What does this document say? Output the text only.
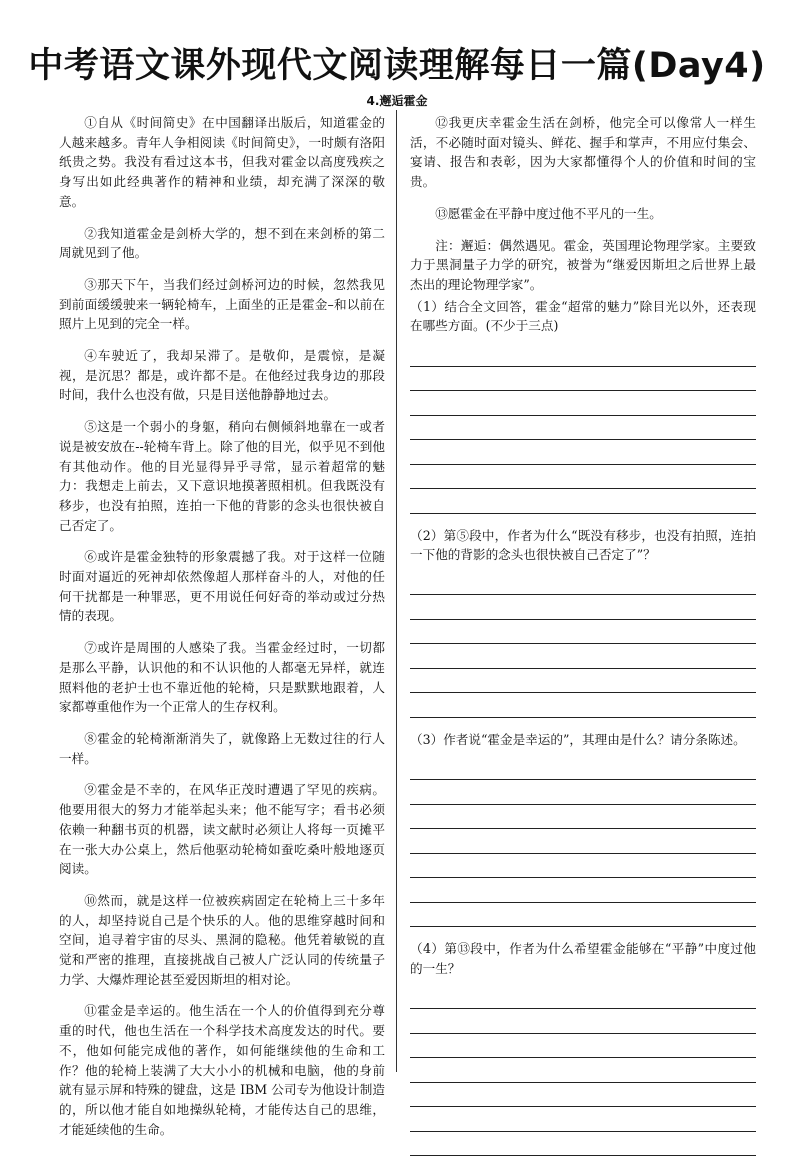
中考语文课外现代文阅读理解每日一篇(Day4)
4.邂逅霍金

①自从《时间简史》在中国翻译出版后，知道霍金的人越来越多。青年人争相阅读《时间简史》，一时颇有洛阳纸贵之势。我没有看过这本书，但我对霍金以高度残疾之身写出如此经典著作的精神和业绩，却充满了深深的敬意。

②我知道霍金是剑桥大学的，想不到在来剑桥的第二周就见到了他。

③那天下午，当我们经过剑桥河边的时候，忽然我见到前面缓缓驶来一辆轮椅车，上面坐的正是霍金–和以前在照片上见到的完全一样。

④车驶近了，我却呆滞了。是敬仰，是震惊，是凝视，是沉思？都是，或许都不是。在他经过我身边的那段时间，我什么也没有做，只是目送他静静地过去。

⑤这是一个弱小的身躯，稍向右侧倾斜地靠在一或者说是被安放在--轮椅车背上。除了他的目光，似乎见不到他有其他动作。他的目光显得异乎寻常，显示着超常的魅力：我想走上前去，又下意识地摸著照相机。但我既没有移步，也没有拍照，连拍一下他的背影的念头也很快被自己否定了。

⑥或许是霍金独特的形象震撼了我。对于这样一位随时面对逼近的死神却依然像超人那样奋斗的人，对他的任何干扰都是一种罪恶，更不用说任何好奇的举动或过分热情的表现。

⑦或许是周围的人感染了我。当霍金经过时，一切都是那么平静，认识他的和不认识他的人都毫无异样，就连照料他的老护士也不靠近他的轮椅，只是默默地跟着，人家都尊重他作为一个正常人的生存权利。

⑧霍金的轮椅渐渐消失了，就像路上无数过往的行人一样。

⑨霍金是不幸的，在风华正茂时遭遇了罕见的疾病。他要用很大的努力才能举起头来；他不能写字；看书必须依赖一种翻书页的机器，读文献时必须让人将每一页摊平在一张大办公桌上，然后他驱动轮椅如蚕吃桑叶般地逐页阅读。

⑩然而，就是这样一位被疾病固定在轮椅上三十多年的人，却坚持说自己是个快乐的人。他的思维穿越时间和空间，追寻着宇宙的尽头、黑洞的隐秘。他凭着敏锐的直觉和严密的推理，直接挑战自己被人广泛认同的传统量子力学、大爆炸理论甚至爱因斯坦的相对论。

⑪霍金是幸运的。他生活在一个人的价值得到充分尊重的时代，他也生活在一个科学技术高度发达的时代。要不，他如何能完成他的著作，如何能继续他的生命和工作？他的轮椅上装满了大大小小的机械和电脑，他的身前就有显示屏和特殊的键盘，这是 IBM 公司专为他设计制造的，所以他才能自如地操纵轮椅，才能传达自己的思维，才能延续他的生命。

⑫我更庆幸霍金生活在剑桥，他完全可以像常人一样生活，不必随时面对镜头、鲜花、握手和掌声，不用应付集会、宴请、报告和表彰，因为大家都懂得个人的价值和时间的宝贵。

⑬愿霍金在平静中度过他不平凡的一生。

注：邂逅：偶然遇见。霍金，英国理论物理学家。主要致力于黑洞量子力学的研究，被誉为“继爱因斯坦之后世界上最杰出的理论物理学家”。

（1）结合全文回答，霍金“超常的魅力”除目光以外，还表现在哪些方面。(不少于三点)

（2）第⑤段中，作者为什么“既没有移步，也没有拍照，连拍一下他的背影的念头也很快被自己否定了”？

（3）作者说“霍金是幸运的”，其理由是什么？请分条陈述。

（4）第⑬段中，作者为什么希望霍金能够在“平静”中度过他的一生？
